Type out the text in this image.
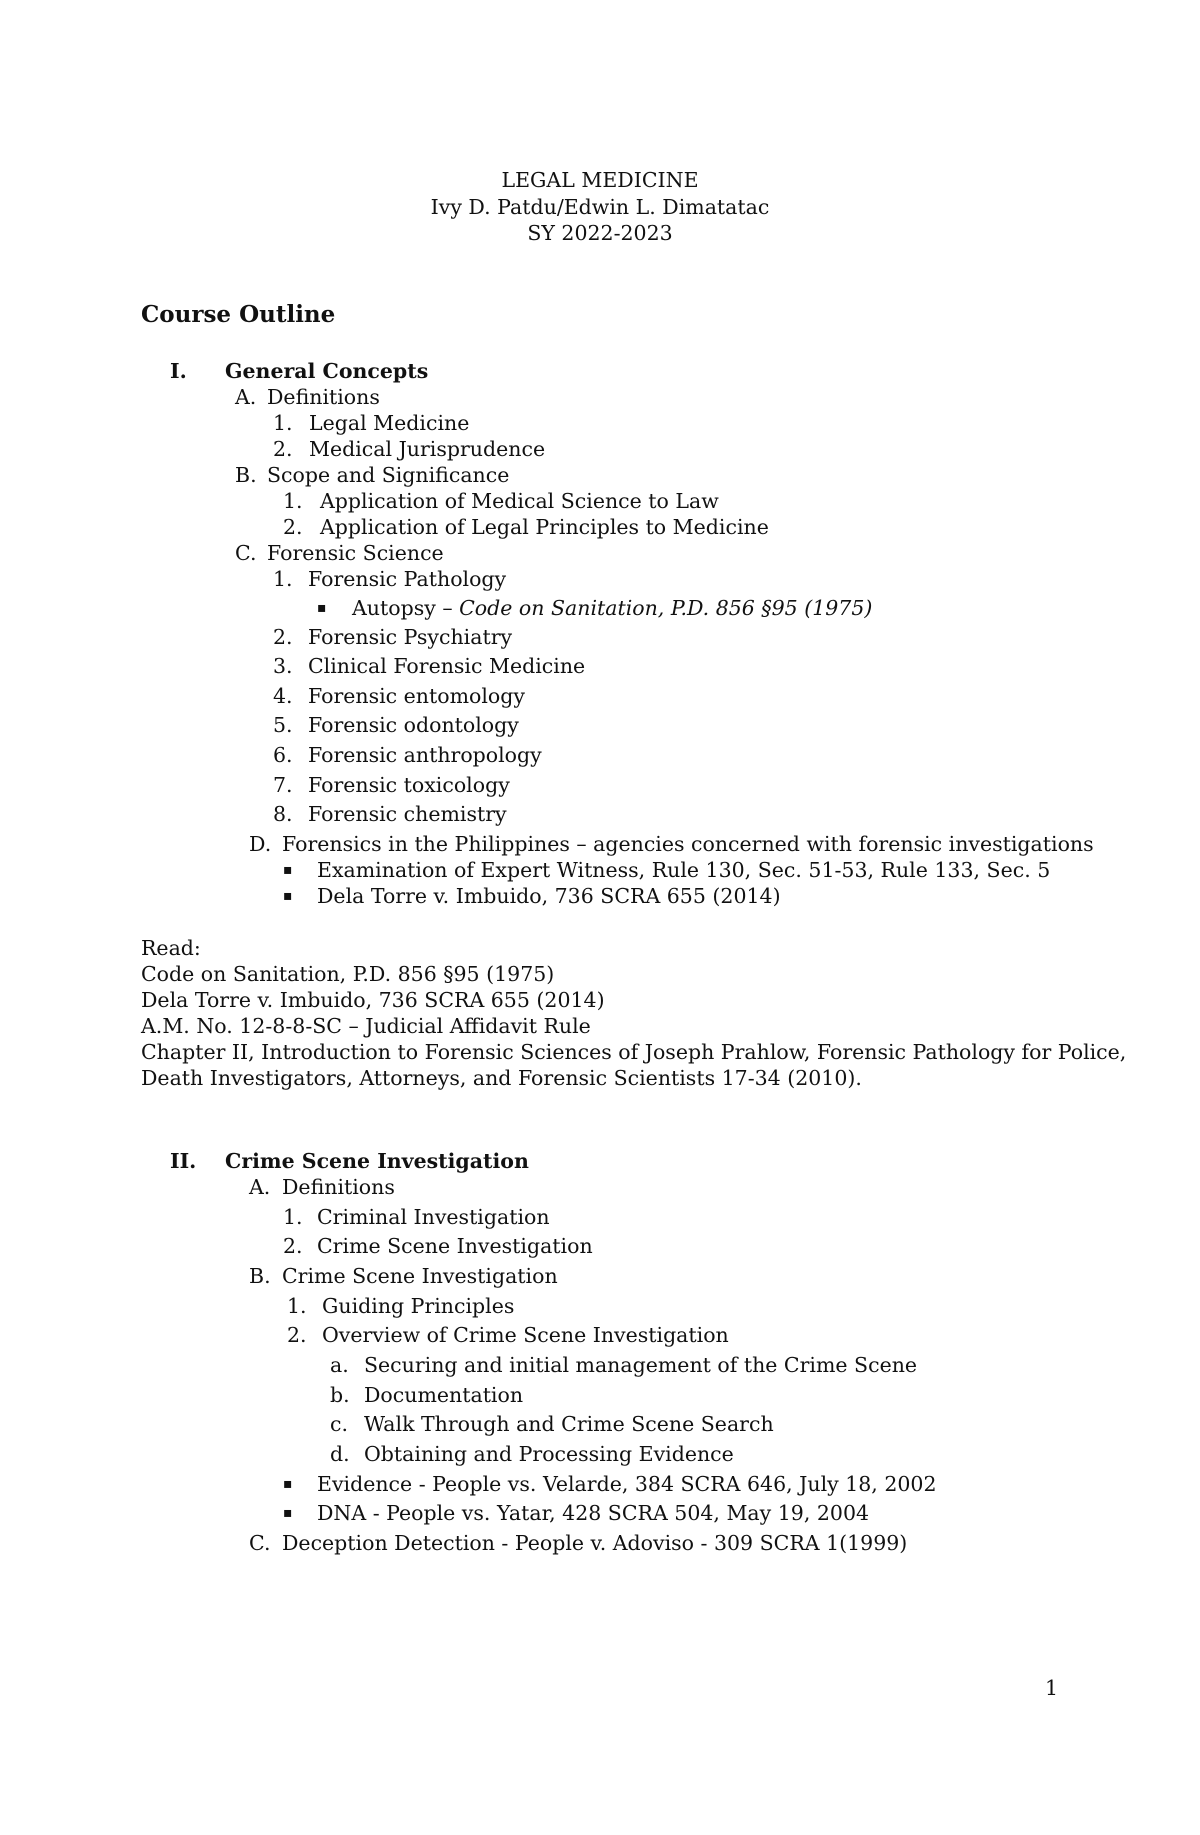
LEGAL MEDICINE
Ivy D. Patdu/Edwin L. Dimatatac
SY 2022-2023
Course Outline
I. General Concepts
A. Definitions
1. Legal Medicine
2. Medical Jurisprudence
B. Scope and Significance
1. Application of Medical Science to Law
2. Application of Legal Principles to Medicine
C. Forensic Science
1. Forensic Pathology
▪ Autopsy – Code on Sanitation, P.D. 856 §95 (1975)
2. Forensic Psychiatry
3. Clinical Forensic Medicine
4. Forensic entomology
5. Forensic odontology
6. Forensic anthropology
7. Forensic toxicology
8. Forensic chemistry
D. Forensics in the Philippines – agencies concerned with forensic investigations
▪ Examination of Expert Witness, Rule 130, Sec. 51-53, Rule 133, Sec. 5
▪ Dela Torre v. Imbuido, 736 SCRA 655 (2014)
Read:
Code on Sanitation, P.D. 856 §95 (1975)
Dela Torre v. Imbuido, 736 SCRA 655 (2014)
A.M. No. 12-8-8-SC – Judicial Affidavit Rule
Chapter II, Introduction to Forensic Sciences of Joseph Prahlow, Forensic Pathology for Police,
Death Investigators, Attorneys, and Forensic Scientists 17-34 (2010).
II. Crime Scene Investigation
A. Definitions
1. Criminal Investigation
2. Crime Scene Investigation
B. Crime Scene Investigation
1. Guiding Principles
2. Overview of Crime Scene Investigation
a. Securing and initial management of the Crime Scene
b. Documentation
c. Walk Through and Crime Scene Search
d. Obtaining and Processing Evidence
▪ Evidence - People vs. Velarde, 384 SCRA 646, July 18, 2002
▪ DNA - People vs. Yatar, 428 SCRA 504, May 19, 2004
C. Deception Detection - People v. Adoviso - 309 SCRA 1(1999)
1
